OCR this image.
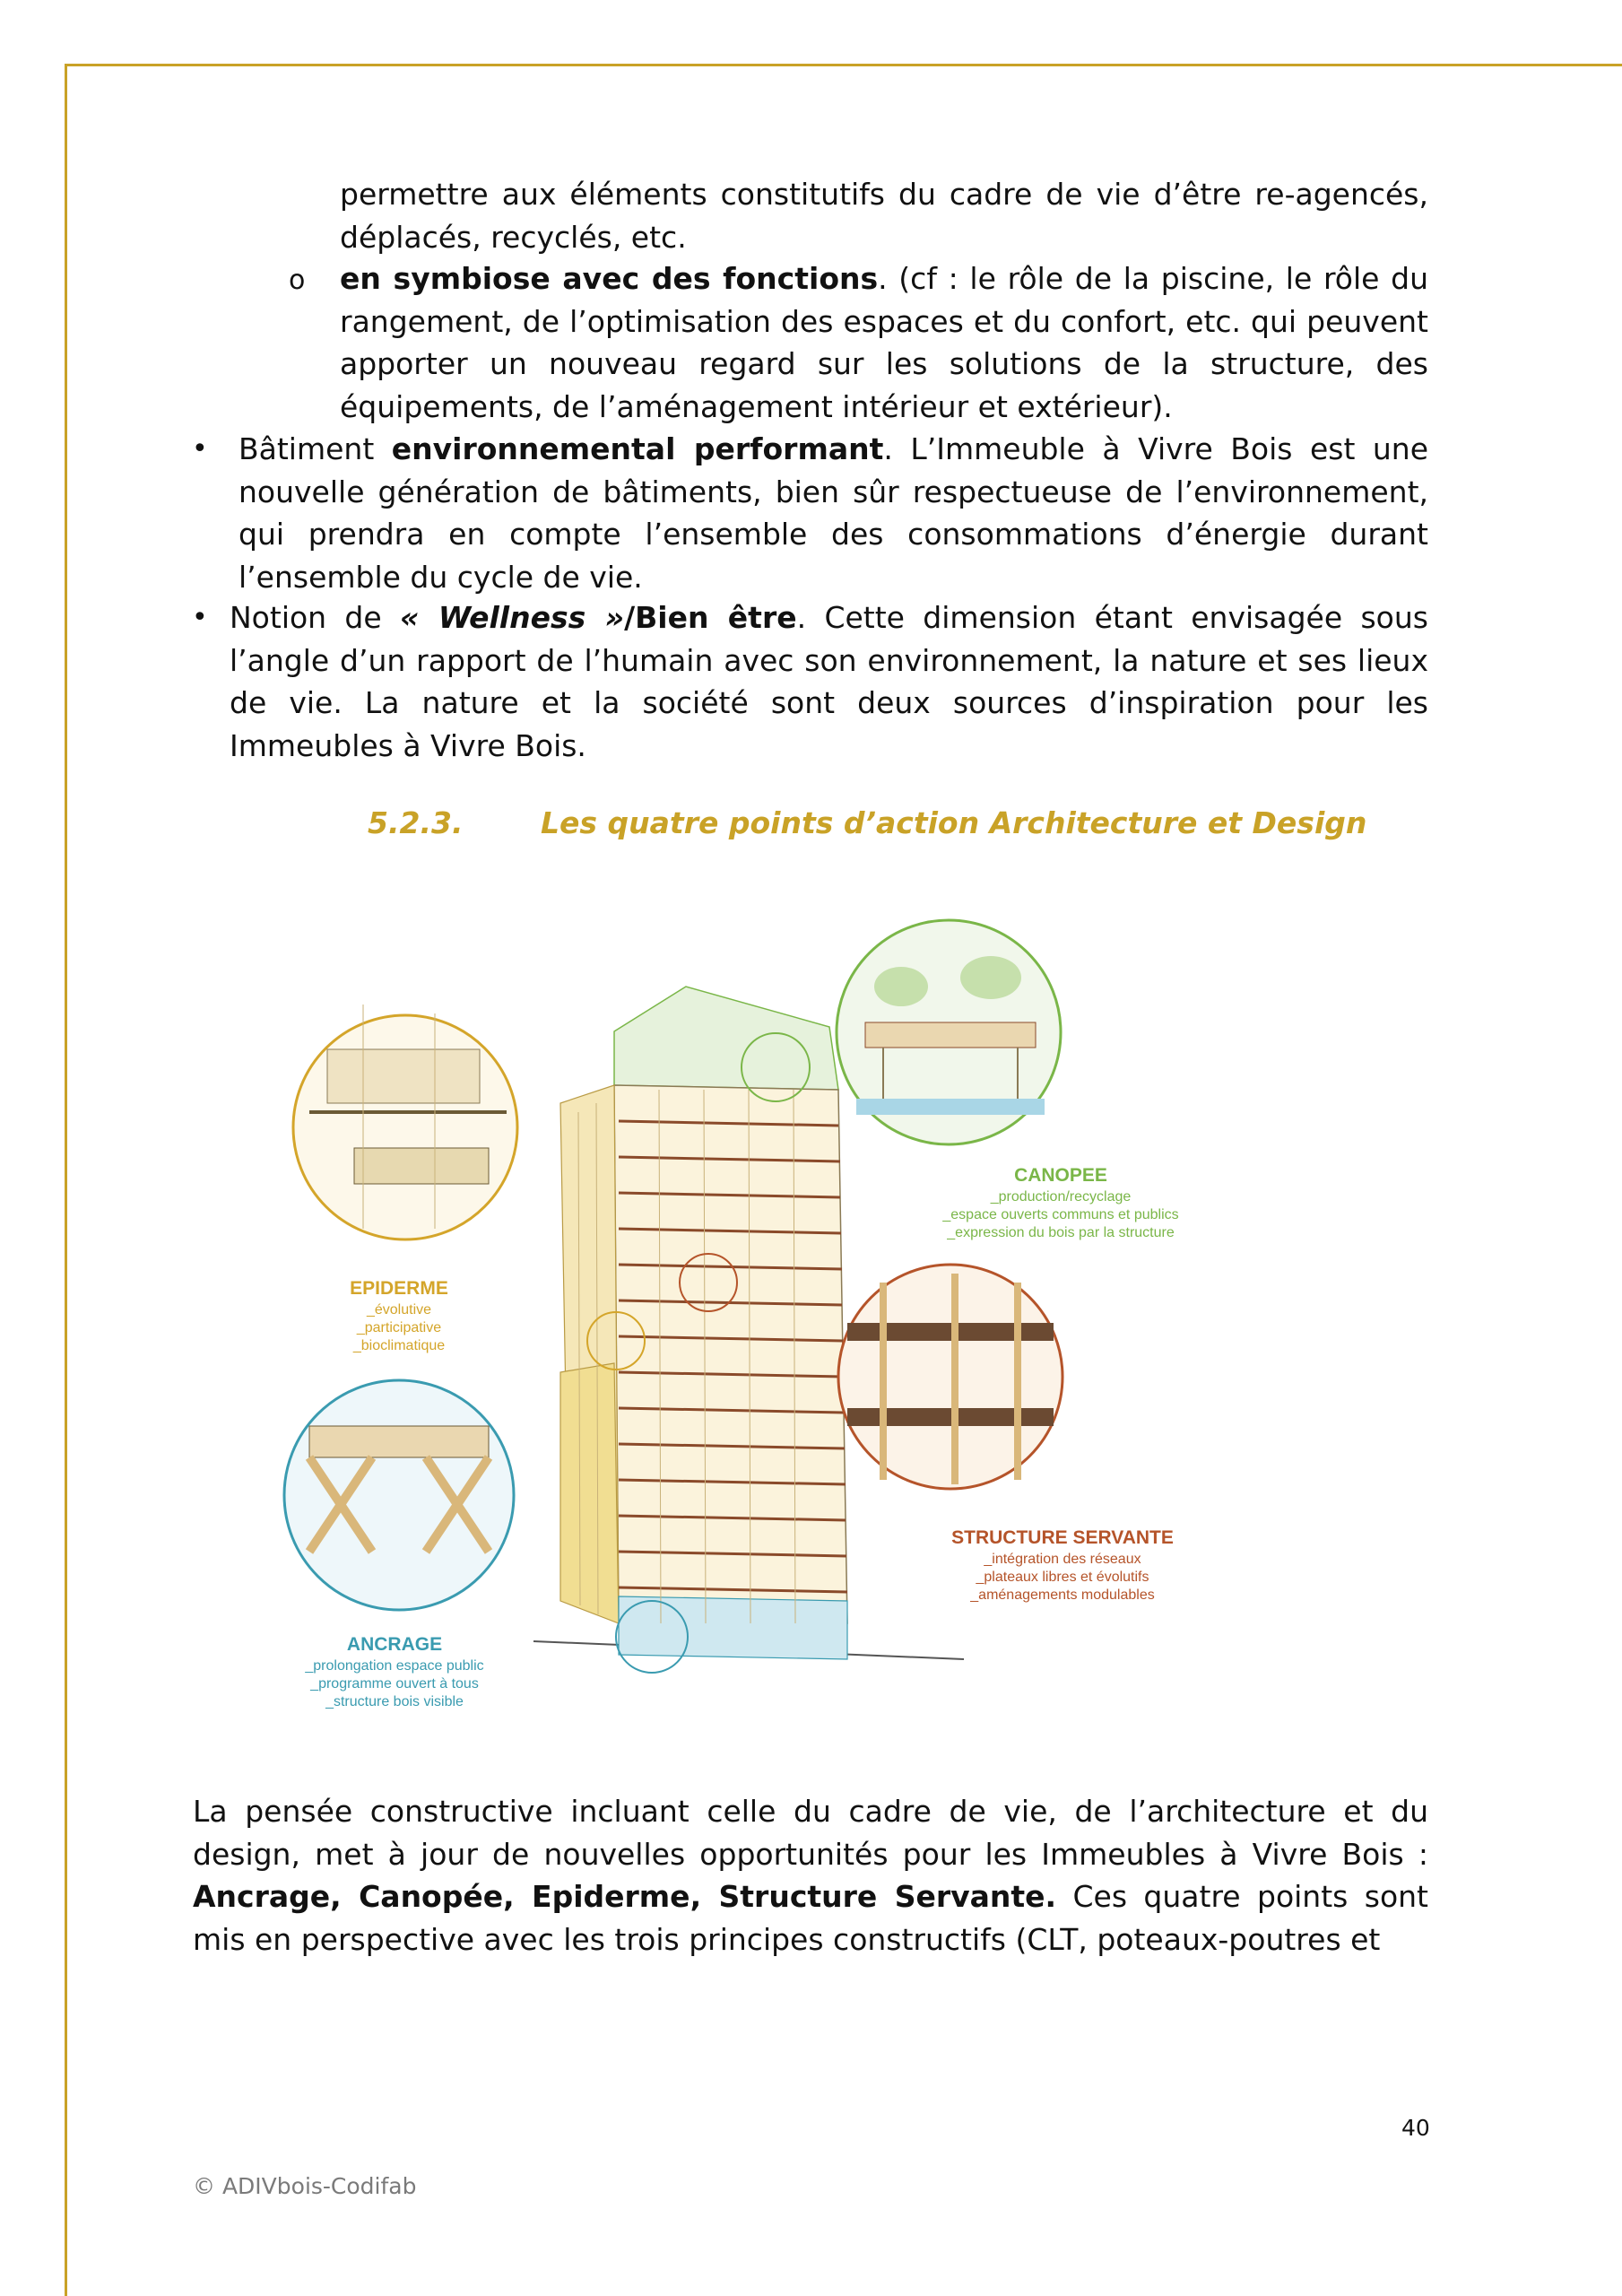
permettre aux éléments constitutifs du cadre de vie d’être re-agencés, déplacés, recyclés, etc.

o en symbiose avec des fonctions. (cf : le rôle de la piscine, le rôle du rangement, de l’optimisation des espaces et du confort, etc. qui peuvent apporter un nouveau regard sur les solutions de la structure, des équipements, de l’aménagement intérieur et extérieur).

• Bâtiment environnemental performant. L’Immeuble à Vivre Bois est une nouvelle génération de bâtiments, bien sûr respectueuse de l’environnement, qui prendra en compte l’ensemble des consommations d’énergie durant l’ensemble du cycle de vie.

• Notion de « Wellness »/Bien être. Cette dimension étant envisagée sous l’angle d’un rapport de l’humain avec son environnement, la nature et ses lieux de vie. La nature et la société sont deux sources d’inspiration pour les Immeubles à Vivre Bois.

5.2.3.	Les quatre points d’action Architecture et Design
EPIDERME
_évolutive
_participative
_bioclimatique
CANOPEE
_production/recyclage
_espace ouverts communs et publics
_expression du bois par la structure
ANCRAGE
_prolongation espace public
_programme ouvert à tous
_structure bois visible
STRUCTURE SERVANTE
_intégration des réseaux
_plateaux libres et évolutifs
_aménagements modulables

La pensée constructive incluant celle du cadre de vie, de l’architecture et du design, met à jour de nouvelles opportunités pour les Immeubles à Vivre Bois : Ancrage, Canopée, Epiderme, Structure Servante. Ces quatre points sont mis en perspective avec les trois principes constructifs (CLT, poteaux-poutres et

40
© ADIVbois-Codifab
